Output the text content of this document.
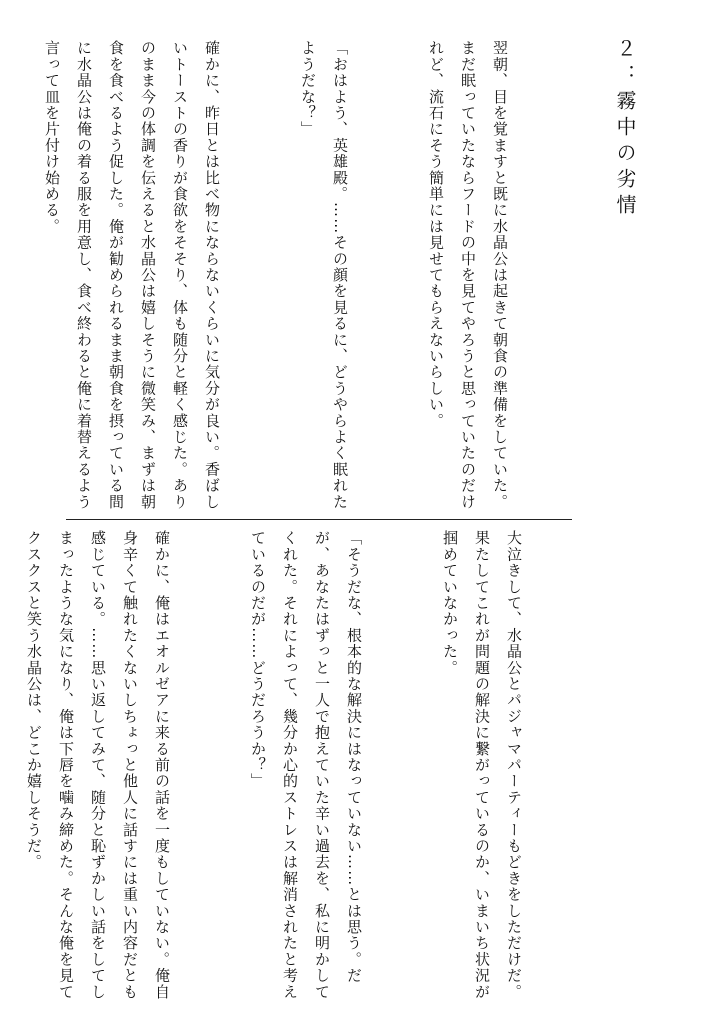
２：霧中の劣情

翌朝、目を覚ますと既に水晶公は起きて朝食の準備をしていた。まだ眠っていたならフードの中を見てやろうと思っていたのだけれど、流石にそう簡単には見せてもらえないらしい。

「おはよう、英雄殿。……その顔を見るに、どうやらよく眠れたようだな？」

確かに、昨日とは比べ物にならないくらいに気分が良い。香ばしいトーストの香りが食欲をそそり、体も随分と軽く感じた。ありのまま今の体調を伝えると水晶公は嬉しそうに微笑み、まずは朝食を食べるよう促した。俺が勧められるまま朝食を摂っている間に水晶公は俺の着る服を用意し、食べ終わると俺に着替えるよう言って皿を片付け始める。

大泣きして、水晶公とパジャマパーティーもどきをしただけだ。果たしてこれが問題の解決に繋がっているのか、いまいち状況が掴めていなかった。

「そうだな、根本的な解決にはなっていない……とは思う。だが、あなたはずっと一人で抱えていた辛い過去を、私に明かしてくれた。それによって、幾分か心的ストレスは解消されたと考えているのだが……どうだろうか？」

確かに、俺はエオルゼアに来る前の話を一度もしていない。俺自身辛くて触れたくないしちょっと他人に話すには重い内容だとも感じている。……思い返してみて、随分と恥ずかしい話をしてしまったような気になり、俺は下唇を噛み締めた。そんな俺を見てクスクスと笑う水晶公は、どこか嬉しそうだ。
